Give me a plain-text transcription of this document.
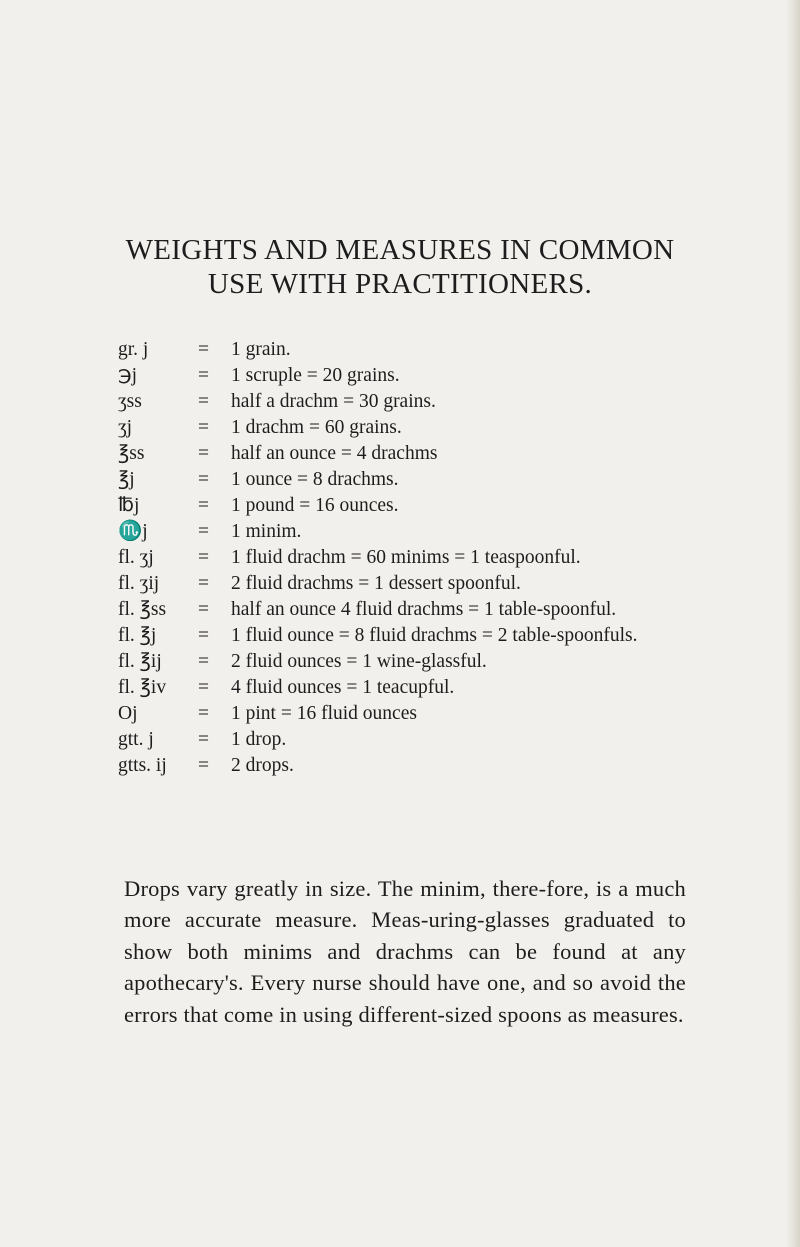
WEIGHTS AND MEASURES IN COMMON
USE WITH PRACTITIONERS.
gr. j	= 1 grain.
℈j	= 1 scruple = 20 grains.
ʒss	= half a drachm = 30 grains.
ʒj	= 1 drachm = 60 grains.
℥ss	= half an ounce = 4 drachms
℥j	= 1 ounce = 8 drachms.
℔j	= 1 pound = 16 ounces.
♏j	= 1 minim.
fl. ʒj = 1 fluid drachm = 60 minims = 1 teaspoonful.
fl. ʒij = 2 fluid drachms = 1 dessert spoonful.
fl. ℥ss = half an ounce 4 fluid drachms = 1 table-spoonful.
fl. ℥j = 1 fluid ounce = 8 fluid drachms = 2 table-spoonfuls.
fl. ℥ij = 2 fluid ounces = 1 wine-glassful.
fl. ℥iv = 4 fluid ounces = 1 teacupful.
Oj	= 1 pint = 16 fluid ounces
gtt. j = 1 drop.
gtts. ij = 2 drops.
Drops vary greatly in size. The minim, there-fore, is a much more accurate measure. Meas-uring-glasses graduated to show both minims and drachms can be found at any apothecary's. Every nurse should have one, and so avoid the errors that come in using different-sized spoons as measures.
